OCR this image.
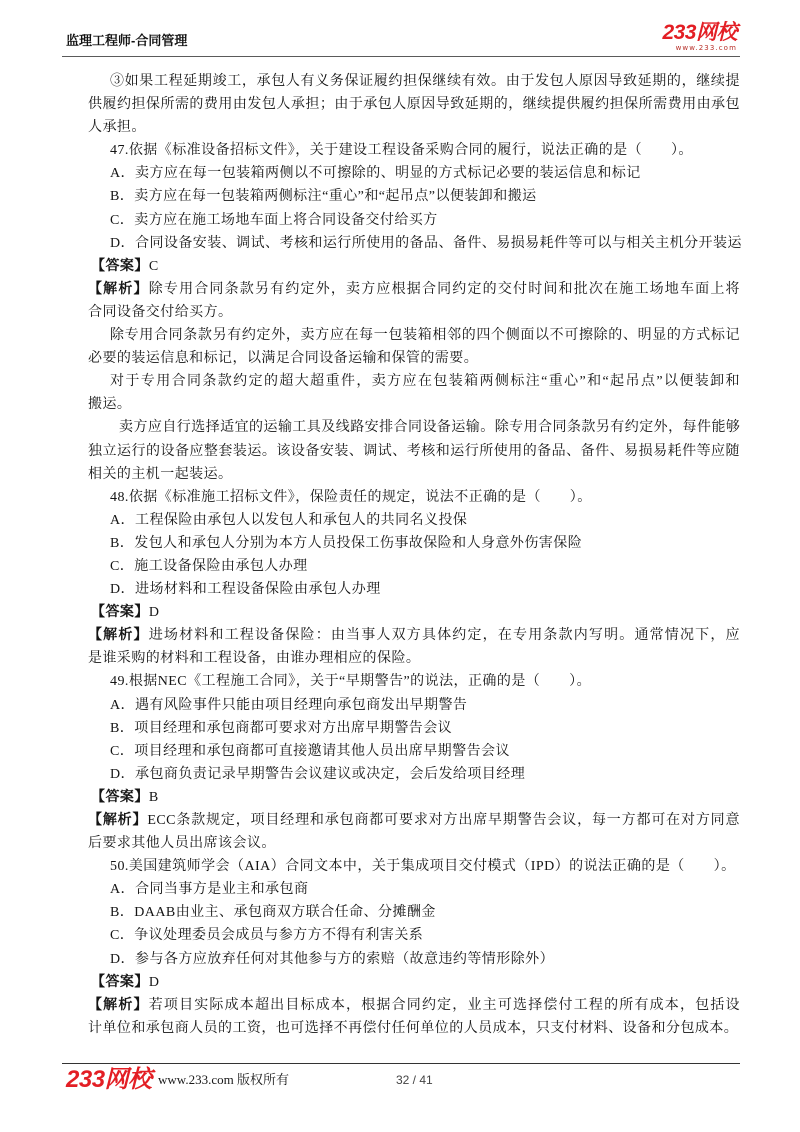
监理工程师-合同管理	233网校
www.233.com
③如果工程延期竣工，承包人有义务保证履约担保继续有效。由于发包人原因导致延期的，继续提
供履约担保所需的费用由发包人承担；由于承包人原因导致延期的，继续提供履约担保所需费用由承包
人承担。
47.依据《标准设备招标文件》，关于建设工程设备采购合同的履行，说法正确的是（　　）。
A．卖方应在每一包装箱两侧以不可擦除的、明显的方式标记必要的装运信息和标记
B．卖方应在每一包装箱两侧标注“重心”和“起吊点”以便装卸和搬运
C．卖方应在施工场地车面上将合同设备交付给买方
D．合同设备安装、调试、考核和运行所使用的备品、备件、易损易耗件等可以与相关主机分开装运
【答案】C
【解析】除专用合同条款另有约定外，卖方应根据合同约定的交付时间和批次在施工场地车面上将
合同设备交付给买方。
除专用合同条款另有约定外，卖方应在每一包装箱相邻的四个侧面以不可擦除的、明显的方式标记
必要的装运信息和标记，以满足合同设备运输和保管的需要。
对于专用合同条款约定的超大超重件，卖方应在包装箱两侧标注“重心”和“起吊点”以便装卸和
搬运。
卖方应自行选择适宜的运输工具及线路安排合同设备运输。除专用合同条款另有约定外，每件能够
独立运行的设备应整套装运。该设备安装、调试、考核和运行所使用的备品、备件、易损易耗件等应随
相关的主机一起装运。
48.依据《标准施工招标文件》，保险责任的规定，说法不正确的是（　　）。
A．工程保险由承包人以发包人和承包人的共同名义投保
B．发包人和承包人分别为本方人员投保工伤事故保险和人身意外伤害保险
C．施工设备保险由承包人办理
D．进场材料和工程设备保险由承包人办理
【答案】D
【解析】进场材料和工程设备保险：由当事人双方具体约定，在专用条款内写明。通常情况下，应
是谁采购的材料和工程设备，由谁办理相应的保险。
49.根据NEC《工程施工合同》，关于“早期警告”的说法，正确的是（　　）。
A．遇有风险事件只能由项目经理向承包商发出早期警告
B．项目经理和承包商都可要求对方出席早期警告会议
C．项目经理和承包商都可直接邀请其他人员出席早期警告会议
D．承包商负责记录早期警告会议建议或决定，会后发给项目经理
【答案】B
【解析】ECC条款规定，项目经理和承包商都可要求对方出席早期警告会议，每一方都可在对方同意
后要求其他人员出席该会议。
50.美国建筑师学会（AIA）合同文本中，关于集成项目交付模式（IPD）的说法正确的是（　　）。
A．合同当事方是业主和承包商
B．DAAB由业主、承包商双方联合任命、分摊酬金
C．争议处理委员会成员与参方方不得有利害关系
D．参与各方应放弃任何对其他参与方的索赔（故意违约等情形除外）
【答案】D
【解析】若项目实际成本超出目标成本，根据合同约定，业主可选择偿付工程的所有成本，包括设
计单位和承包商人员的工资，也可选择不再偿付任何单位的人员成本，只支付材料、设备和分包成本。
233网校 www.233.com 版权所有	32 / 41
